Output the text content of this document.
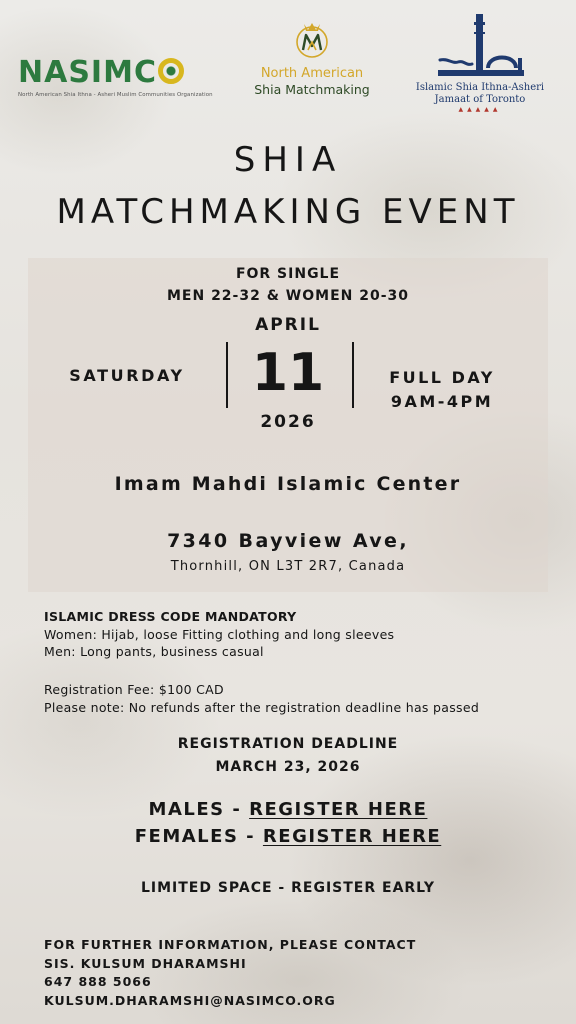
NASIMC
North American Shia Ithna - Asheri Muslim Communities Organization
North American
Shia Matchmaking	Islamic Shia Ithna-Asheri
Jamaat of Toronto
▲▲▲▲▲
SHIA
MATCHMAKING EVENT
FOR SINGLE
MEN 22-32 & WOMEN 20-30
APRIL
11
2026
SATURDAY	FULL DAY
9AM-4PM
Imam Mahdi Islamic Center
7340 Bayview Ave,
Thornhill, ON L3T 2R7, Canada
ISLAMIC DRESS CODE MANDATORY
Women: Hijab, loose Fitting clothing and long sleeves
Men: Long pants, business casual
Registration Fee: $100 CAD
Please note: No refunds after the registration deadline has passed
REGISTRATION DEADLINE
MARCH 23, 2026
MALES - REGISTER HERE
FEMALES - REGISTER HERE
LIMITED SPACE - REGISTER EARLY
FOR FURTHER INFORMATION, PLEASE CONTACT
SIS. KULSUM DHARAMSHI
647 888 5066
KULSUM.DHARAMSHI@NASIMCO.ORG
